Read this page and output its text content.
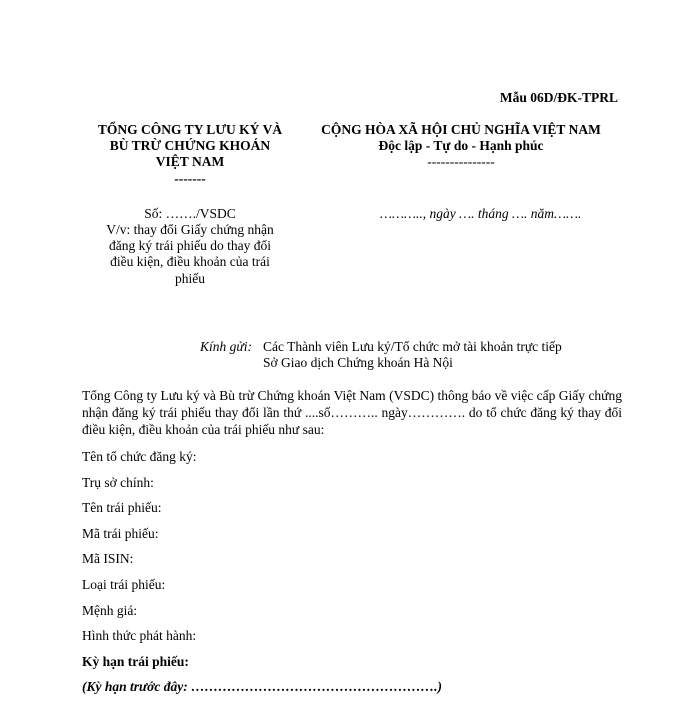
Mẫu 06D/ĐK-TPRL
TỔNG CÔNG TY LƯU KÝ VÀ
BÙ TRỪ CHỨNG KHOÁN
VIỆT NAM
-------
CỘNG HÒA XÃ HỘI CHỦ NGHĨA VIỆT NAM
Độc lập - Tự do - Hạnh phúc
---------------
Số: ……./VSDC
V/v: thay đổi Giấy chứng nhận
đăng ký trái phiếu do thay đổi
điều kiện, điều khoản của trái
phiếu
……….., ngày …. tháng …. năm…….
Kính gửi: Các Thành viên Lưu ký/Tổ chức mở tài khoản trực tiếp
Sở Giao dịch Chứng khoán Hà Nội
Tổng Công ty Lưu ký và Bù trừ Chứng khoán Việt Nam (VSDC) thông báo về việc cấp Giấy chứng nhận đăng ký trái phiếu thay đổi lần thứ ....số……….. ngày…………. do tổ chức đăng ký thay đổi điều kiện, điều khoản của trái phiếu như sau:
Tên tổ chức đăng ký:
Trụ sở chính:
Tên trái phiếu:
Mã trái phiếu:
Mã ISIN:
Loại trái phiếu:
Mệnh giá:
Hình thức phát hành:
Kỳ hạn trái phiếu:
(Kỳ hạn trước đây: ……………………………………………….)
